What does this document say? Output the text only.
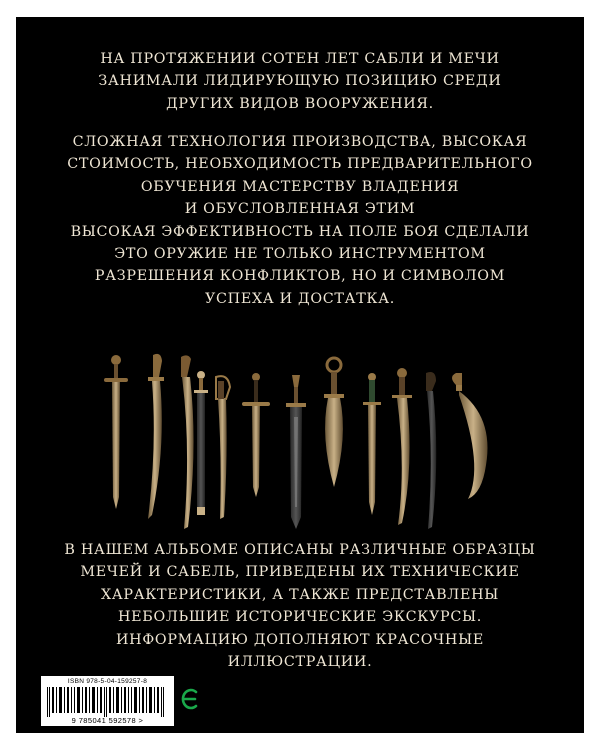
НА ПРОТЯЖЕНИИ СОТЕН ЛЕТ САБЛИ И МЕЧИ
ЗАНИМАЛИ ЛИДИРУЮЩУЮ ПОЗИЦИЮ СРЕДИ
ДРУГИХ ВИДОВ ВООРУЖЕНИЯ.
СЛОЖНАЯ ТЕХНОЛОГИЯ ПРОИЗВОДСТВА, ВЫСОКАЯ
СТОИМОСТЬ, НЕОБХОДИМОСТЬ ПРЕДВАРИТЕЛЬНОГО
ОБУЧЕНИЯ МАСТЕРСТВУ ВЛАДЕНИЯ
И ОБУСЛОВЛЕННАЯ ЭТИМ
ВЫСОКАЯ ЭФФЕКТИВНОСТЬ НА ПОЛЕ БОЯ СДЕЛАЛИ
ЭТО ОРУЖИЕ НЕ ТОЛЬКО ИНСТРУМЕНТОМ
РАЗРЕШЕНИЯ КОНФЛИКТОВ, НО И СИМВОЛОМ
УСПЕХА И ДОСТАТКА.
В НАШЕМ АЛЬБОМЕ ОПИСАНЫ РАЗЛИЧНЫЕ ОБРАЗЦЫ
МЕЧЕЙ И САБЕЛЬ, ПРИВЕДЕНЫ ИХ ТЕХНИЧЕСКИЕ
ХАРАКТЕРИСТИКИ, А ТАКЖЕ ПРЕДСТАВЛЕНЫ
НЕБОЛЬШИЕ ИСТОРИЧЕСКИЕ ЭКСКУРСЫ.
ИНФОРМАЦИЮ ДОПОЛНЯЮТ КРАСОЧНЫЕ
ИЛЛЮСТРАЦИИ.
ISBN 978-5-04-159257-8
9 785041 592578 >
